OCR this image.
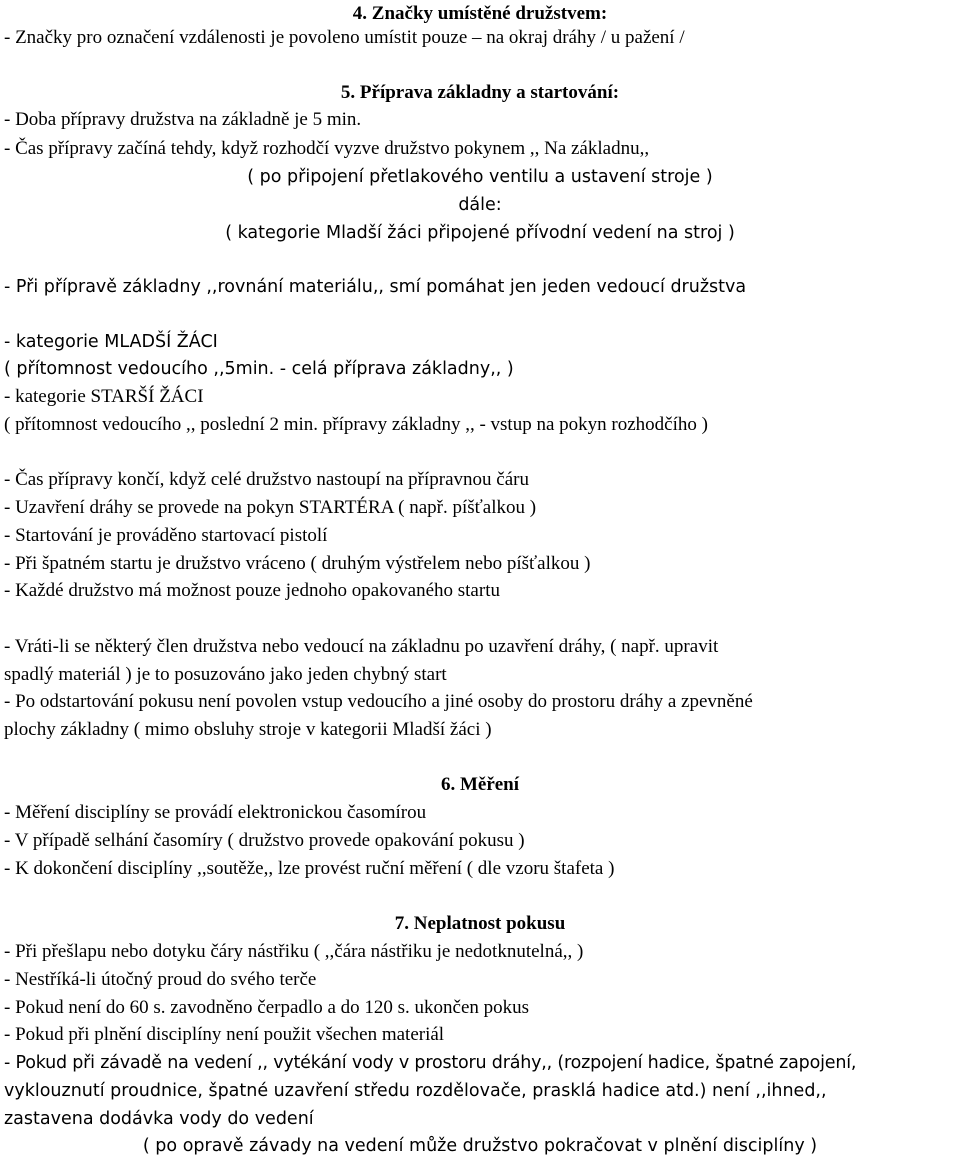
4. Značky umístěné družstvem:
- Značky pro označení vzdálenosti je povoleno umístit pouze – na okraj dráhy / u pažení /
5. Příprava základny a startování:
- Doba přípravy družstva na základně je 5 min.
- Čas přípravy začíná tehdy, když rozhodčí vyzve družstvo pokynem ,, Na základnu,,
( po připojení přetlakového ventilu a ustavení stroje )
dále:
( kategorie Mladší žáci připojené přívodní vedení na stroj )
- Při přípravě základny ,,rovnání materiálu,, smí pomáhat jen jeden vedoucí družstva
- kategorie MLADŠÍ ŽÁCI
( přítomnost vedoucího ,,5min. - celá příprava základny,, )
- kategorie STARŠÍ ŽÁCI
( přítomnost vedoucího ,, poslední 2 min. přípravy základny ,, - vstup na pokyn rozhodčího )
- Čas přípravy končí, když celé družstvo nastoupí na přípravnou čáru
- Uzavření dráhy se provede na pokyn STARTÉRA ( např. píšťalkou )
- Startování je prováděno startovací pistolí
- Při špatném startu je družstvo vráceno ( druhým výstřelem nebo píšťalkou )
- Každé družstvo má možnost pouze jednoho opakovaného startu
- Vráti-li se některý člen družstva nebo vedoucí na základnu po uzavření dráhy, ( např. upravit
spadlý materiál ) je to posuzováno jako jeden chybný start
- Po odstartování pokusu není povolen vstup vedoucího a jiné osoby do prostoru dráhy a zpevněné
plochy základny ( mimo obsluhy stroje v kategorii Mladší žáci )
6. Měření
- Měření disciplíny se provádí elektronickou časomírou
- V případě selhání časomíry ( družstvo provede opakování pokusu )
- K dokončení disciplíny ,,soutěže,, lze provést ruční měření ( dle vzoru štafeta )
7. Neplatnost pokusu
- Při přešlapu nebo dotyku čáry nástřiku ( ,,čára nástřiku je nedotknutelná,, )
- Nestříká-li útočný proud do svého terče
- Pokud není do 60 s. zavodněno čerpadlo a do 120 s. ukončen pokus
- Pokud při plnění disciplíny není použit všechen materiál
- Pokud při závadě na vedení ,, vytékání vody v prostoru dráhy,, (rozpojení hadice, špatné zapojení,
vyklouznutí proudnice, špatné uzavření středu rozdělovače, prasklá hadice atd.) není ,,ihned,,
zastavena dodávka vody do vedení
( po opravě závady na vedení může družstvo pokračovat v plnění disciplíny )
